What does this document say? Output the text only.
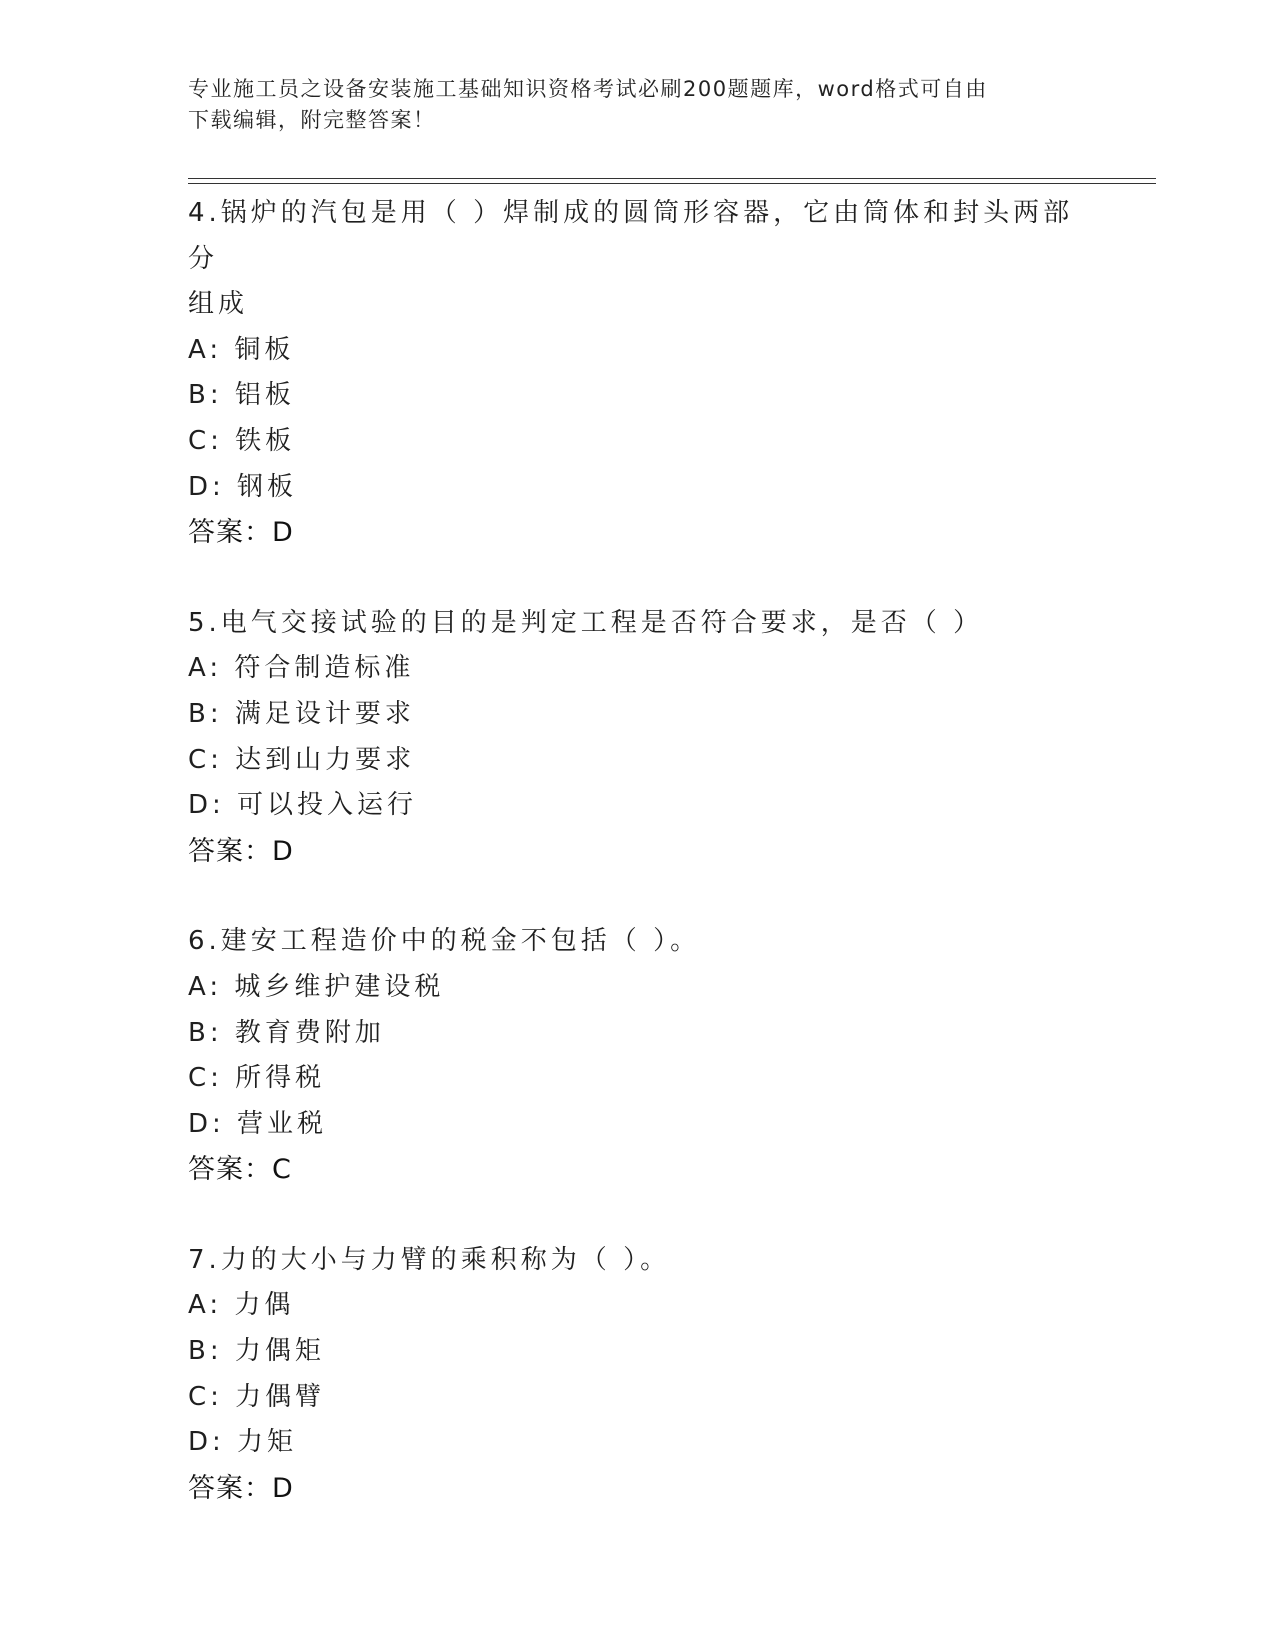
专业施工员之设备安装施工基础知识资格考试必刷200题题库，word格式可自由
下载编辑，附完整答案！
4.锅炉的汽包是用（ ）焊制成的圆筒形容器，它由筒体和封头两部分
组成
A: 铜板
B: 铝板
C: 铁板
D: 钢板
答案：D
5.电气交接试验的目的是判定工程是否符合要求，是否（ ）
A: 符合制造标准
B: 满足设计要求
C: 达到山力要求
D: 可以投入运行
答案：D
6.建安工程造价中的税金不包括（ ）。
A: 城乡维护建设税
B: 教育费附加
C: 所得税
D: 营业税
答案：C
7.力的大小与力臂的乘积称为（ ）。
A: 力偶
B: 力偶矩
C: 力偶臂
D: 力矩
答案：D
